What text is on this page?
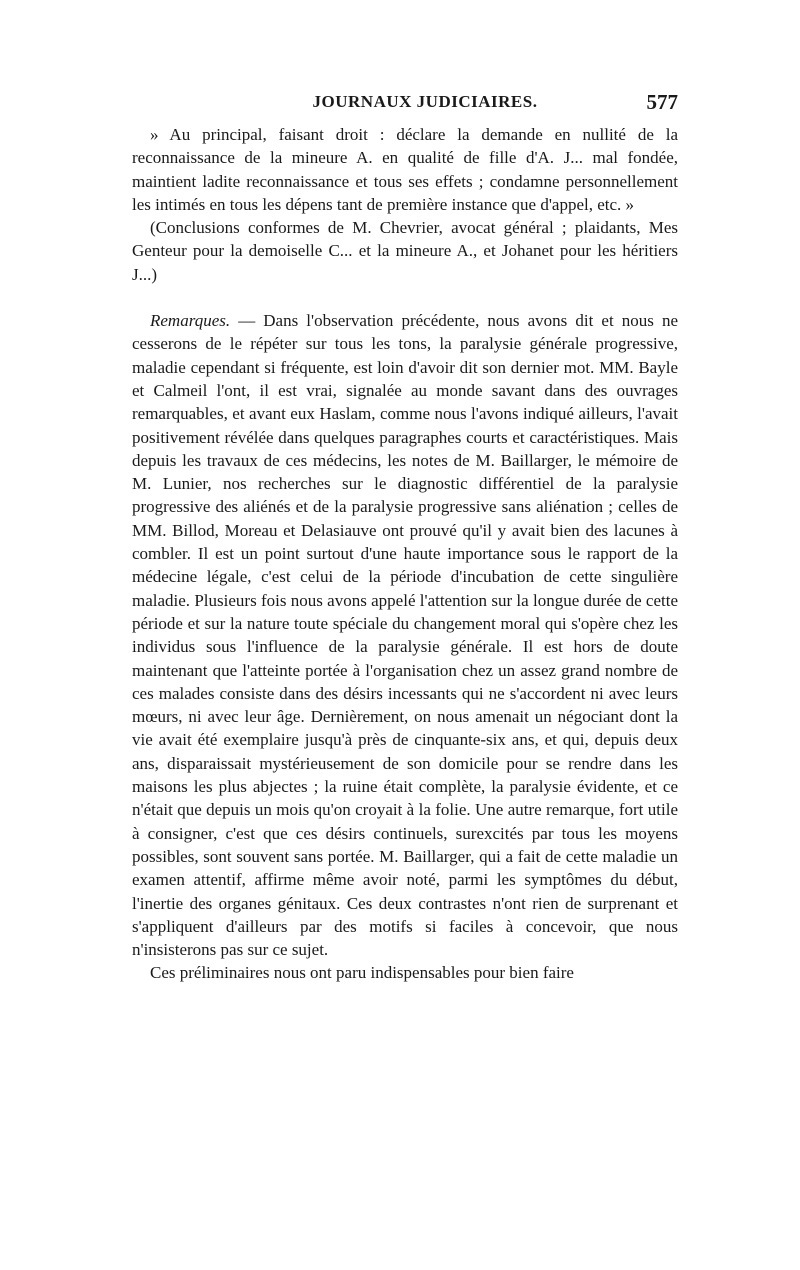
JOURNAUX JUDICIAIRES.	577

» Au principal, faisant droit : déclare la demande en nullité de la reconnaissance de la mineure A. en qualité de fille d'A. J... mal fondée, maintient ladite reconnaissance et tous ses effets ; condamne personnellement les intimés en tous les dépens tant de première instance que d'appel, etc. »

(Conclusions conformes de M. Chevrier, avocat général ; plaidants, Mes Genteur pour la demoiselle C... et la mineure A., et Johanet pour les héritiers J...)

Remarques. — Dans l'observation précédente, nous avons dit et nous ne cesserons de le répéter sur tous les tons, la paralysie générale progressive, maladie cependant si fréquente, est loin d'avoir dit son dernier mot. MM. Bayle et Calmeil l'ont, il est vrai, signalée au monde savant dans des ouvrages remarquables, et avant eux Haslam, comme nous l'avons indiqué ailleurs, l'avait positivement révélée dans quelques paragraphes courts et caractéristiques. Mais depuis les travaux de ces médecins, les notes de M. Baillarger, le mémoire de M. Lunier, nos recherches sur le diagnostic différentiel de la paralysie progressive des aliénés et de la paralysie progressive sans aliénation ; celles de MM. Billod, Moreau et Delasiauve ont prouvé qu'il y avait bien des lacunes à combler. Il est un point surtout d'une haute importance sous le rapport de la médecine légale, c'est celui de la période d'incubation de cette singulière maladie. Plusieurs fois nous avons appelé l'attention sur la longue durée de cette période et sur la nature toute spéciale du changement moral qui s'opère chez les individus sous l'influence de la paralysie générale. Il est hors de doute maintenant que l'atteinte portée à l'organisation chez un assez grand nombre de ces malades consiste dans des désirs incessants qui ne s'accordent ni avec leurs mœurs, ni avec leur âge. Dernièrement, on nous amenait un négociant dont la vie avait été exemplaire jusqu'à près de cinquante-six ans, et qui, depuis deux ans, disparaissait mystérieusement de son domicile pour se rendre dans les maisons les plus abjectes ; la ruine était complète, la paralysie évidente, et ce n'était que depuis un mois qu'on croyait à la folie. Une autre remarque, fort utile à consigner, c'est que ces désirs continuels, surexcités par tous les moyens possibles, sont souvent sans portée. M. Baillarger, qui a fait de cette maladie un examen attentif, affirme même avoir noté, parmi les symptômes du début, l'inertie des organes génitaux. Ces deux contrastes n'ont rien de surprenant et s'appliquent d'ailleurs par des motifs si faciles à concevoir, que nous n'insisterons pas sur ce sujet.

Ces préliminaires nous ont paru indispensables pour bien faire
